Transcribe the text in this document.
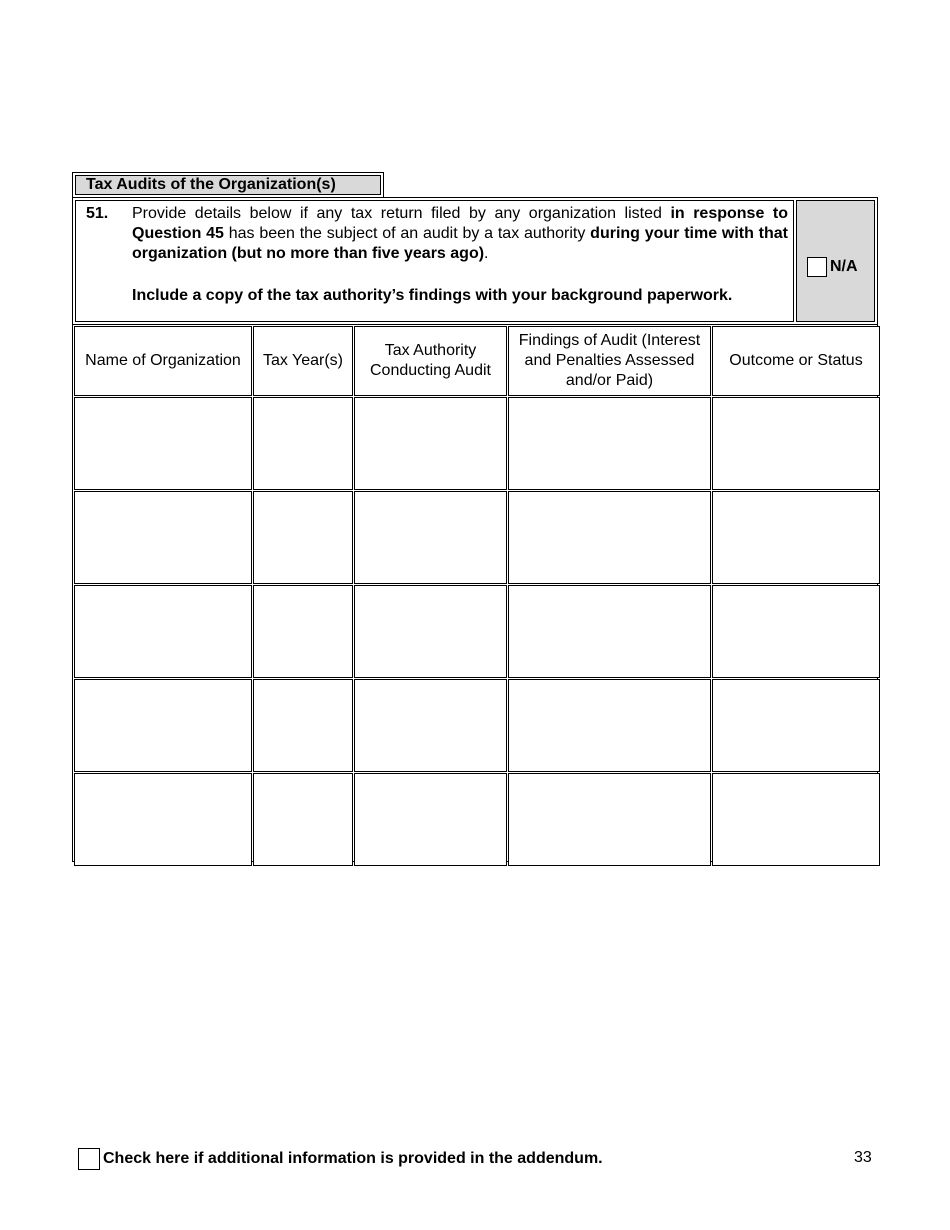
Tax Audits of the Organization(s)
51. Provide details below if any tax return filed by any organization listed in response to Question 45 has been the subject of an audit by a tax authority during your time with that organization (but no more than five years ago).

Include a copy of the tax authority’s findings with your background paperwork.
N/A
Name of Organization	Tax Year(s)
Tax Authority Conducting Audit
Findings of Audit (Interest and Penalties Assessed and/or Paid)
Outcome or Status
Check here if additional information is provided in the addendum.	33
